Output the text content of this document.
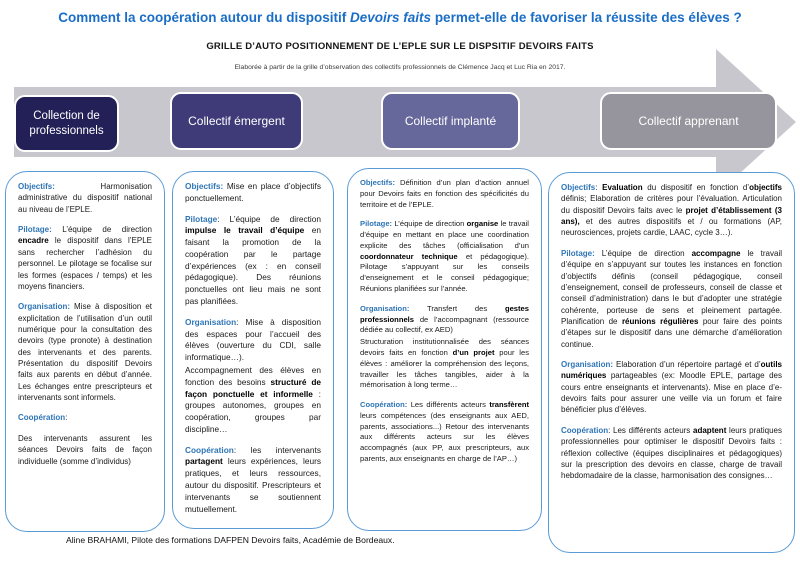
Comment la coopération autour du dispositif Devoirs faits permet-elle de favoriser la réussite des élèves ?
GRILLE D’AUTO POSITIONNEMENT DE L’EPLE SUR LE DISPSITIF DEVOIRS FAITS
Elaborée à partir de la grille d’observation des collectifs professionnels de Clémence Jacq et Luc Ria en 2017.
Collection de professionnels
Collectif émergent	Collectif implanté	Collectif apprenant

Objectifs: Harmonisation administrative du dispositif national au niveau de l’EPLE.

Pilotage: L’équipe de direction encadre le dispositif dans l’EPLE sans rechercher l’adhésion du personnel. Le pilotage se focalise sur les formes (espaces / temps) et les moyens financiers.

Organisation: Mise à disposition et explicitation de l’utilisation d’un outil numérique pour la consultation des devoirs (type pronote) à destination des intervenants et des parents. Présentation du dispositif Devoirs faits aux parents en début d’année. Les échanges entre prescripteurs et intervenants sont informels.

Coopération:

Des intervenants assurent les séances Devoirs faits de façon individuelle (somme d’individus)

Objectifs: Mise en place d’objectifs ponctuellement.

Pilotage: L’équipe de direction impulse le travail d’équipe en faisant la promotion de la coopération par le partage d’expériences (ex : en conseil pédagogique). Des réunions ponctuelles ont lieu mais ne sont pas planifiées.

Organisation: Mise à disposition des espaces pour l’accueil des élèves (ouverture du CDI, salle informatique…).

Accompagnement des élèves en fonction des besoins structuré de façon ponctuelle et informelle : groupes autonomes, groupes en coopération, groupes par discipline…

Coopération: les intervenants partagent leurs expériences, leurs pratiques, et leurs ressources, autour du dispositif. Prescripteurs et intervenants se soutiennent mutuellement.

Objectifs: Définition d’un plan d’action annuel pour Devoirs faits en fonction des spécificités du territoire et de l’EPLE.

Pilotage: L’équipe de direction organise le travail d’équipe en mettant en place une coordination explicite des tâches (officialisation d’un coordonnateur technique et pédagogique). Pilotage s’appuyant sur les conseils d’enseignement et le conseil pédagogique; Réunions planifiées sur l’année.

Organisation: Transfert des gestes professionnels de l’accompagnant (ressource dédiée au collectif, ex AED)

Structuration institutionnalisée des séances devoirs faits en fonction d’un projet pour les élèves : améliorer la compréhension des leçons, travailler les tâches tangibles, aider à la mémorisation à long terme…

Coopération: Les différents acteurs transfèrent leurs compétences (des enseignants aux AED, parents, associations...) Retour des intervenants aux différents acteurs sur les élèves accompagnés (aux PP, aux prescripteurs, aux parents, aux enseignants en charge de l’AP…)

Objectifs: Evaluation du dispositif en fonction d’objectifs définis; Elaboration de critères pour l’évaluation. Articulation du dispositif Devoirs faits avec le projet d’établissement (3 ans), et des autres dispositifs et / ou formations (AP, neurosciences, projets cardie, LAAC, cycle 3…).

Pilotage: L’équipe de direction accompagne le travail d’équipe en s’appuyant sur toutes les instances en fonction d’objectifs définis (conseil pédagogique, conseil d’enseignement, conseil de professeurs, conseil de classe et conseil d’administration) dans le but d’adopter une stratégie cohérente, porteuse de sens et pleinement partagée. Planification de réunions régulières pour faire des points d’étapes sur le dispositif dans une démarche d’amélioration continue.

Organisation: Elaboration d’un répertoire partagé et d’outils numériques partageables (ex: Moodle EPLE, partage des cours entre enseignants et intervenants). Mise en place d’e-devoirs faits pour assurer une veille via un forum et faire bénéficier plus d’élèves.

Coopération: Les différents acteurs adaptent leurs pratiques professionnelles pour optimiser le dispositif Devoirs faits : réflexion collective (équipes disciplinaires et pédagogiques) sur la prescription des devoirs en classe, charge de travail hebdomadaire de la classe, harmonisation des consignes…

Aline BRAHAMI, Pilote des formations DAFPEN Devoirs faits, Académie de Bordeaux.
